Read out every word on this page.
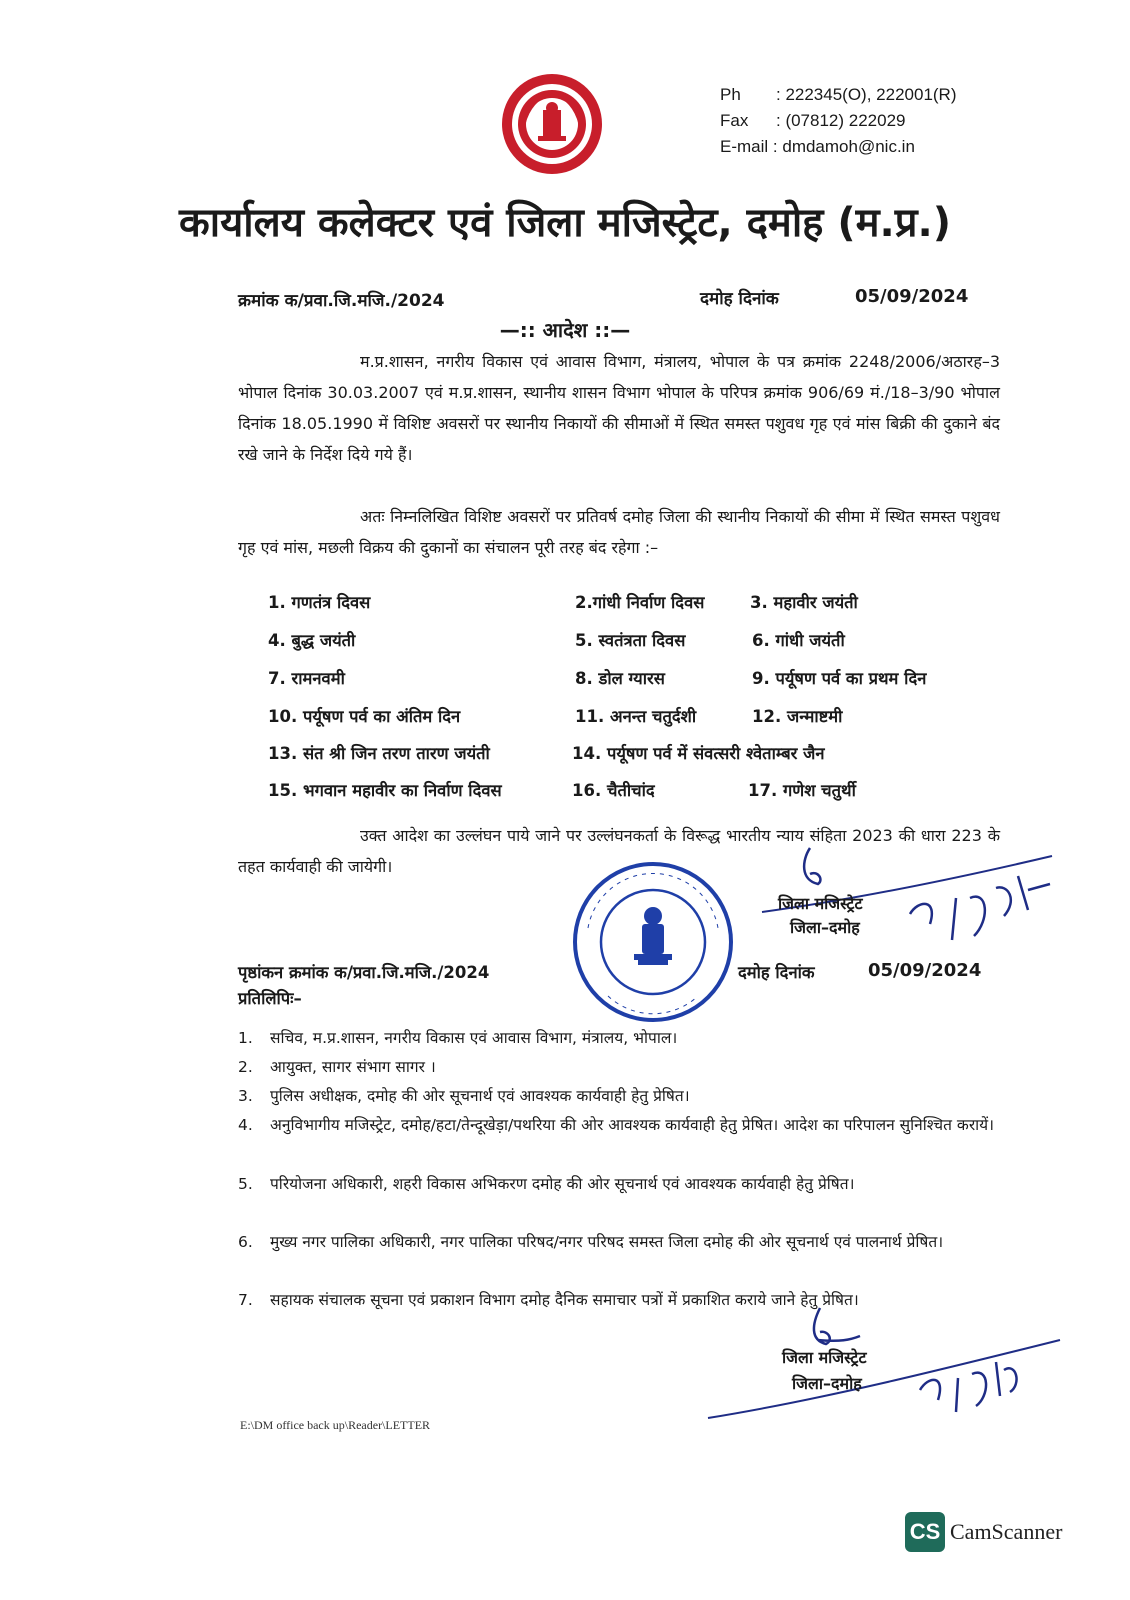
Ph : 222345(O), 222001(R)
Fax : (07812) 222029
E-mail : dmdamoh@nic.in
कार्यालय कलेक्टर एवं जिला मजिस्ट्रेट, दमोह (म.प्र.)
क्रमांक क/प्रवा.जि.मजि./2024	दमोह दिनांक	05/09/2024
—:: आदेश ::—
म.प्र.शासन, नगरीय विकास एवं आवास विभाग, मंत्रालय, भोपाल के पत्र क्रमांक 2248/2006/अठारह–3 भोपाल दिनांक 30.03.2007 एवं म.प्र.शासन, स्थानीय शासन विभाग भोपाल के परिपत्र क्रमांक 906/69 मं./18–3/90 भोपाल दिनांक 18.05.1990 में विशिष्ट अवसरों पर स्थानीय निकायों की सीमाओं में स्थित समस्त पशुवध गृह एवं मांस बिक्री की दुकाने बंद रखे जाने के निर्देश दिये गये हैं।
अतः निम्नलिखित विशिष्ट अवसरों पर प्रतिवर्ष दमोह जिला की स्थानीय निकायों की सीमा में स्थित समस्त पशुवध गृह एवं मांस, मछली विक्रय की दुकानों का संचालन पूरी तरह बंद रहेगा :–
1. गणतंत्र दिवस	2.गांधी निर्वाण दिवस	3. महावीर जयंती
4. बुद्ध जयंती	5. स्वतंत्रता दिवस	6. गांधी जयंती
7. रामनवमी	8. डोल ग्यारस	9. पर्यूषण पर्व का प्रथम दिन
10. पर्यूषण पर्व का अंतिम दिन	11. अनन्त चतुर्दशी	12. जन्माष्टमी
13. संत श्री जिन तरण तारण जयंती	14. पर्यूषण पर्व में संवत्सरी श्वेताम्बर जैन
15. भगवान महावीर का निर्वाण दिवस	16. चैतीचांद	17. गणेश चतुर्थी
उक्त आदेश का उल्लंघन पाये जाने पर उल्लंघनकर्ता के विरूद्ध भारतीय न्याय संहिता 2023 की धारा 223 के तहत कार्यवाही की जायेगी।
जिला मजिस्ट्रेट
जिला–दमोह
पृष्ठांकन क्रमांक क/प्रवा.जि.मजि./2024	दमोह दिनांक	05/09/2024
प्रतिलिपिः–
1.	सचिव, म.प्र.शासन, नगरीय विकास एवं आवास विभाग, मंत्रालय, भोपाल।
2.	आयुक्त, सागर संभाग सागर ।
3.	पुलिस अधीक्षक, दमोह की ओर सूचनार्थ एवं आवश्यक कार्यवाही हेतु प्रेषित।
4.	अनुविभागीय मजिस्ट्रेट, दमोह/हटा/तेन्दूखेड़ा/पथरिया की ओर आवश्यक कार्यवाही हेतु प्रेषित। आदेश का परिपालन सुनिश्चित करायें।
5.	परियोजना अधिकारी, शहरी विकास अभिकरण दमोह की ओर सूचनार्थ एवं आवश्यक कार्यवाही हेतु प्रेषित।
6.	मुख्य नगर पालिका अधिकारी, नगर पालिका परिषद/नगर परिषद समस्त जिला दमोह की ओर सूचनार्थ एवं पालनार्थ प्रेषित।
7.	सहायक संचालक सूचना एवं प्रकाशन विभाग दमोह दैनिक समाचार पत्रों में प्रकाशित कराये जाने हेतु प्रेषित।
जिला मजिस्ट्रेट
जिला–दमोह
E:\DM office back up\Reader\LETTER
CS CamScanner
